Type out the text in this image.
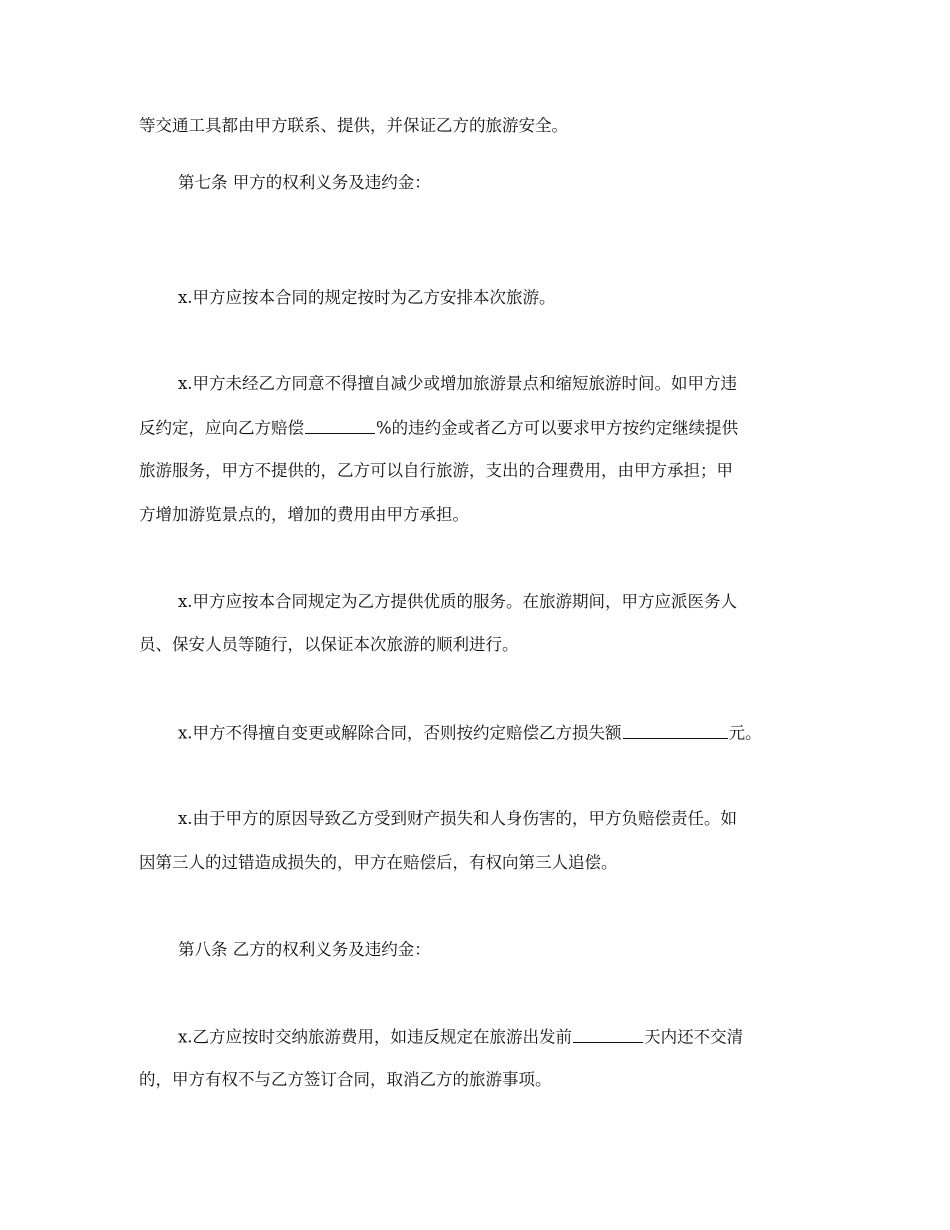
等交通工具都由甲方联系、提供，并保证乙方的旅游安全。

第七条 甲方的权利义务及违约金：

x.甲方应按本合同的规定按时为乙方安排本次旅游。

x.甲方未经乙方同意不得擅自减少或增加旅游景点和缩短旅游时间。如甲方违

反约定，应向乙方赔偿	%的违约金或者乙方可以要求甲方按约定继续提供

旅游服务，甲方不提供的，乙方可以自行旅游，支出的合理费用，由甲方承担；甲

方增加游览景点的，增加的费用由甲方承担。

x.甲方应按本合同规定为乙方提供优质的服务。在旅游期间，甲方应派医务人

员、保安人员等随行，以保证本次旅游的顺利进行。

x.甲方不得擅自变更或解除合同，否则按约定赔偿乙方损失额	元。

x.由于甲方的原因导致乙方受到财产损失和人身伤害的，甲方负赔偿责任。如

因第三人的过错造成损失的，甲方在赔偿后，有权向第三人追偿。

第八条 乙方的权利义务及违约金：

x.乙方应按时交纳旅游费用，如违反规定在旅游出发前	天内还不交清

的，甲方有权不与乙方签订合同，取消乙方的旅游事项。
